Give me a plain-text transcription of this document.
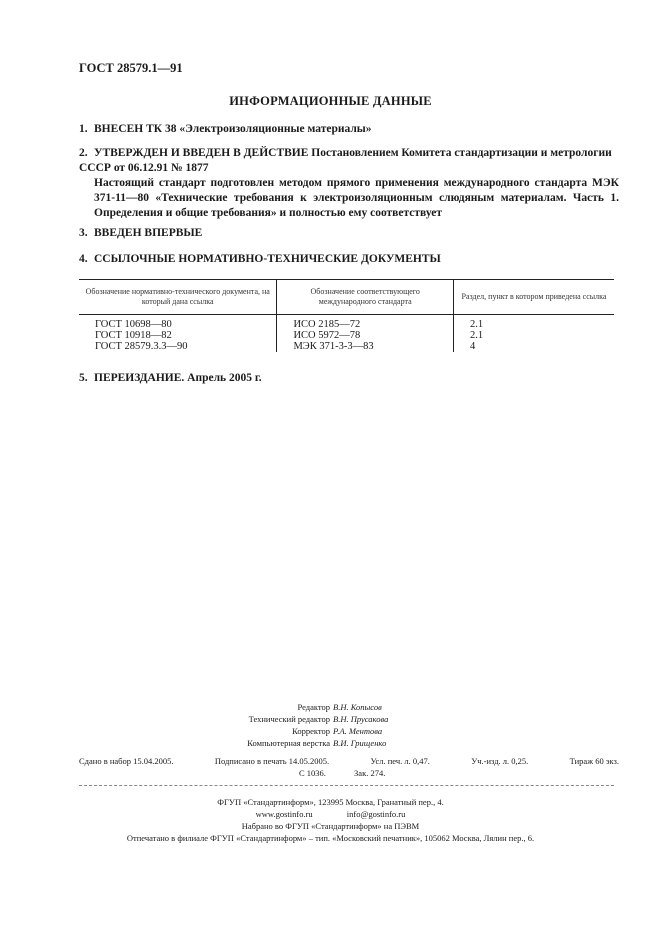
ГОСТ 28579.1—91
ИНФОРМАЦИОННЫЕ ДАННЫЕ
1. ВНЕСЕН ТК 38 «Электроизоляционные материалы»
2. УТВЕРЖДЕН И ВВЕДЕН В ДЕЙСТВИЕ Постановлением Комитета стандартизации и метрологии СССР от 06.12.91 № 1877
Настоящий стандарт подготовлен методом прямого применения международного стандарта МЭК 371-11—80 «Технические требования к электроизоляционным слюдяным материалам. Часть 1. Определения и общие требования» и полностью ему соответствует
3. ВВЕДЕН ВПЕРВЫЕ
4. ССЫЛОЧНЫЕ НОРМАТИВНО-ТЕХНИЧЕСКИЕ ДОКУМЕНТЫ
Обозначение нормативно-технического документа, на который дана ссылка	Обозначение соответствующего международного стандарта	Раздел, пункт в котором приведена ссылка

ГОСТ 10698—80	ИСО 2185—72	2.1
ГОСТ 10918—82	ИСО 5972—78	2.1
ГОСТ 28579.3.3—90	МЭК 371-3-3—83	4
5. ПЕРЕИЗДАНИЕ. Апрель 2005 г.
Редактор В.Н. Копысов
Технический редактор В.Н. Прусакова
Корректор Р.А. Ментова
Компьютерная верстка В.И. Грищенко
Сдано в набор 15.04.2005.	Подписано в печать 14.05.2005.	Усл. печ. л. 0,47.	Уч.-изд. л. 0,25.	Тираж 60 экз.
С 1036.	Зак. 274.
ФГУП «Стандартинформ», 123995 Москва, Гранатный пер., 4.
www.gostinfo.ru	info@gostinfo.ru
Набрано во ФГУП «Стандартинформ» на ПЭВМ
Отпечатано в филиале ФГУП «Стандартинформ» – тип. «Московский печатник», 105062 Москва, Лялин пер., 6.
